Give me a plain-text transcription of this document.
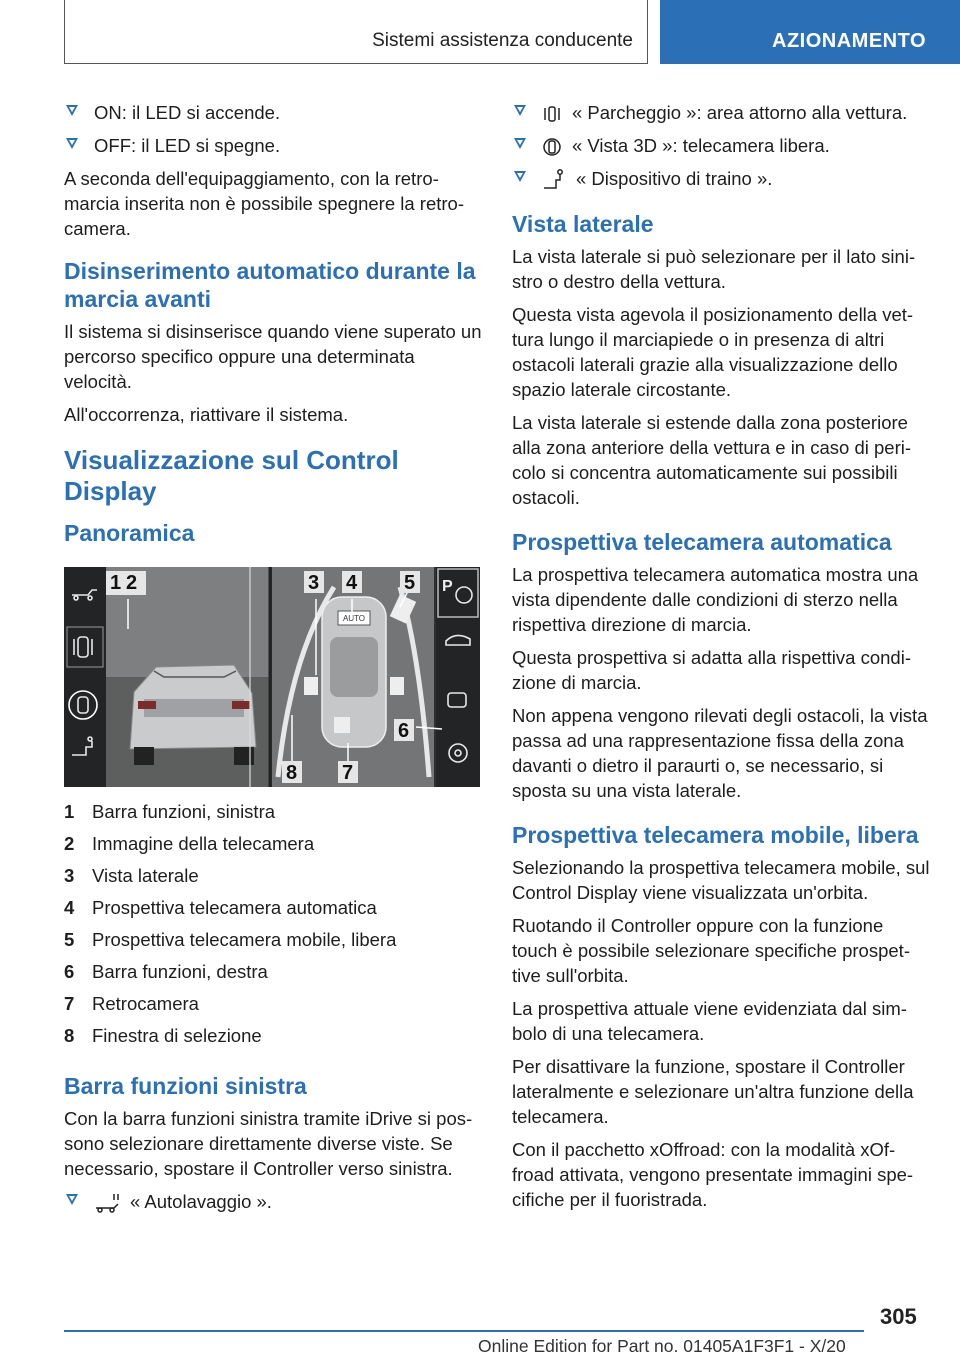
Sistemi assistenza conducente	AZIONAMENTO
ON: il LED si accende.
OFF: il LED si spegne.

A seconda dell'equipaggiamento, con la retromarcia inserita non è possibile spegnere la retrocamera.

Disinserimento automatico durante la marcia avanti

Il sistema si disinserisce quando viene superato un percorso specifico oppure una determinata velocità.

All'occorrenza, riattivare il sistema.

Visualizzazione sul Control Display
Panoramica
AUTO
P
1 2	3 4 5
6
7
8
1 Barra funzioni, sinistra
2 Immagine della telecamera
3 Vista laterale
4 Prospettiva telecamera automatica
5 Prospettiva telecamera mobile, libera
6 Barra funzioni, destra
7 Retrocamera
8 Finestra di selezione
Barra funzioni sinistra

Con la barra funzioni sinistra tramite iDrive si possono selezionare direttamente diverse viste. Se necessario, spostare il Controller verso sinistra.

« Autolavaggio ».
« Parcheggio »: area attorno alla vettura.
« Vista 3D »: telecamera libera.
« Dispositivo di traino ».
Vista laterale

La vista laterale si può selezionare per il lato sinistro o destro della vettura.

Questa vista agevola il posizionamento della vettura lungo il marciapiede o in presenza di altri ostacoli laterali grazie alla visualizzazione dello spazio laterale circostante.

La vista laterale si estende dalla zona posteriore alla zona anteriore della vettura e in caso di pericolo si concentra automaticamente sui possibili ostacoli.

Prospettiva telecamera automatica

La prospettiva telecamera automatica mostra una vista dipendente dalle condizioni di sterzo nella rispettiva direzione di marcia.

Questa prospettiva si adatta alla rispettiva condizione di marcia.

Non appena vengono rilevati degli ostacoli, la vista passa ad una rappresentazione fissa della zona davanti o dietro il paraurti o, se necessario, si sposta su una vista laterale.

Prospettiva telecamera mobile, libera

Selezionando la prospettiva telecamera mobile, sul Control Display viene visualizzata un'orbita.

Ruotando il Controller oppure con la funzione touch è possibile selezionare specifiche prospettive sull'orbita.

La prospettiva attuale viene evidenziata dal simbolo di una telecamera.

Per disattivare la funzione, spostare il Controller lateralmente e selezionare un'altra funzione della telecamera.

Con il pacchetto xOffroad: con la modalità xOffroad attivata, vengono presentate immagini specifiche per il fuoristrada.

305
Online Edition for Part no. 01405A1F3F1 - X/20
